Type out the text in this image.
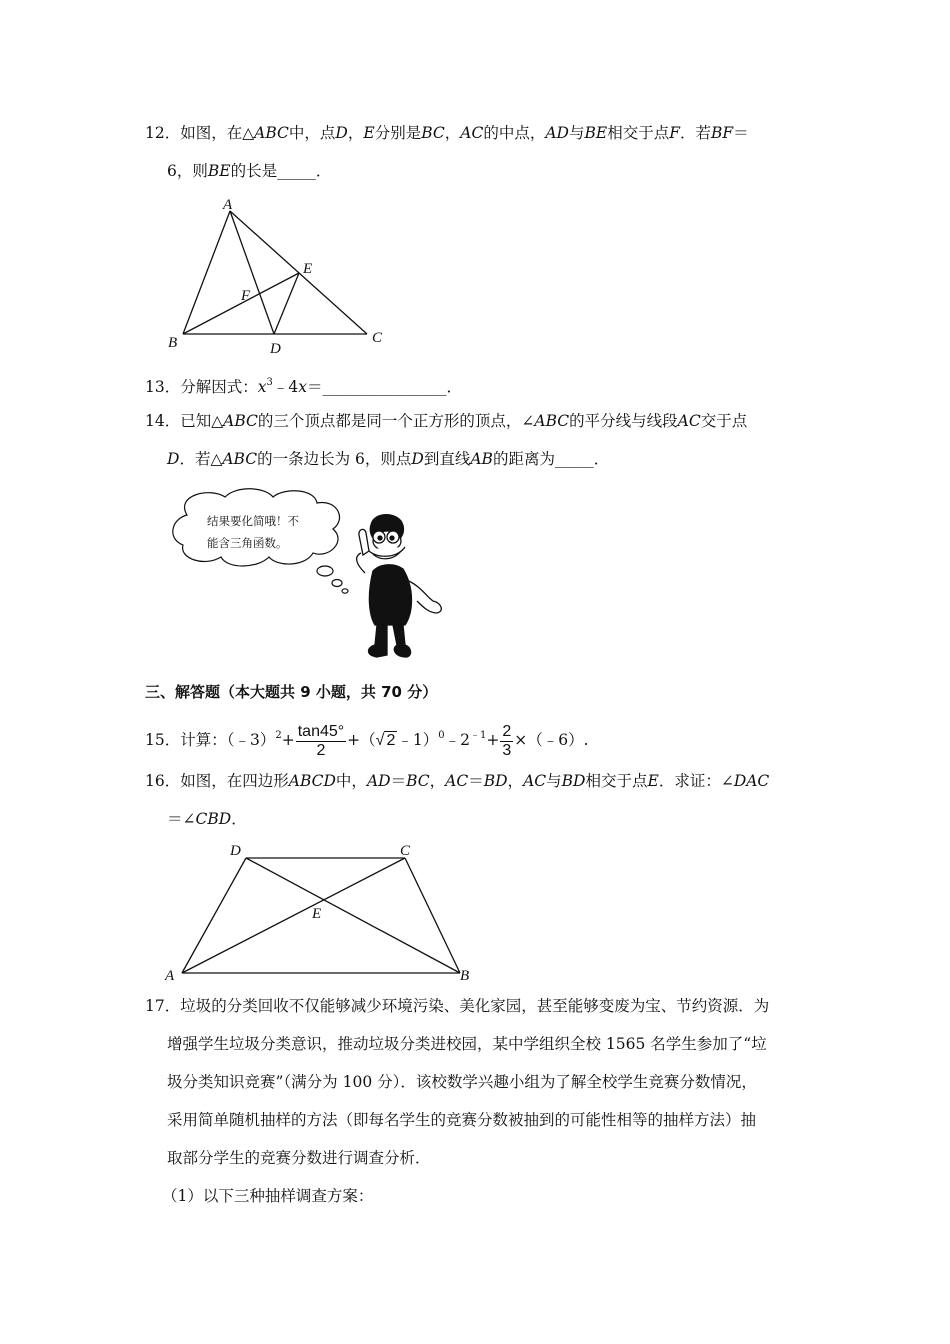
12．如图，在△ABC中，点D，E分别是BC，AC的中点，AD与BE相交于点F．若BF＝
6，则BE的长是_____．
A
B	C
D
E
F
13．分解因式：$x^3﹣4x=\_\_\_\_\_\_\_\_\_\_\_\_\_\_\_\_$．
14．已知△ABC的三个顶点都是同一个正方形的顶点，∠ABC的平分线与线段AC交于点
D．若△ABC的一条边长为 6，则点D到直线AB的距离为_____．
结果要化简哦！不
能含三角函数。
三、解答题（本大题共 9 小题，共 70 分）
15．计算：（﹣3）$^2$+ $\frac{\tan 45^\circ}{2}$ +（√ 2 $﹣1)^0﹣2^{﹣1}+ \frac{2}{3}$ ×（﹣6）.
16．如图，在四边形ABCD中，AD＝BC，AC＝BD，AC与BD相交于点E．求证：∠DAC
＝∠CBD．
D	C
E
A	B
17．垃圾的分类回收不仅能够减少环境污染、美化家园，甚至能够变废为宝、节约资源．为
增强学生垃圾分类意识，推动垃圾分类进校园，某中学组织全校 1565 名学生参加了“垃
圾分类知识竞赛”（满分为 100 分）．该校数学兴趣小组为了解全校学生竞赛分数情况，
采用简单随机抽样的方法（即每名学生的竞赛分数被抽到的可能性相等的抽样方法）抽
取部分学生的竞赛分数进行调查分析．
（1）以下三种抽样调查方案：
